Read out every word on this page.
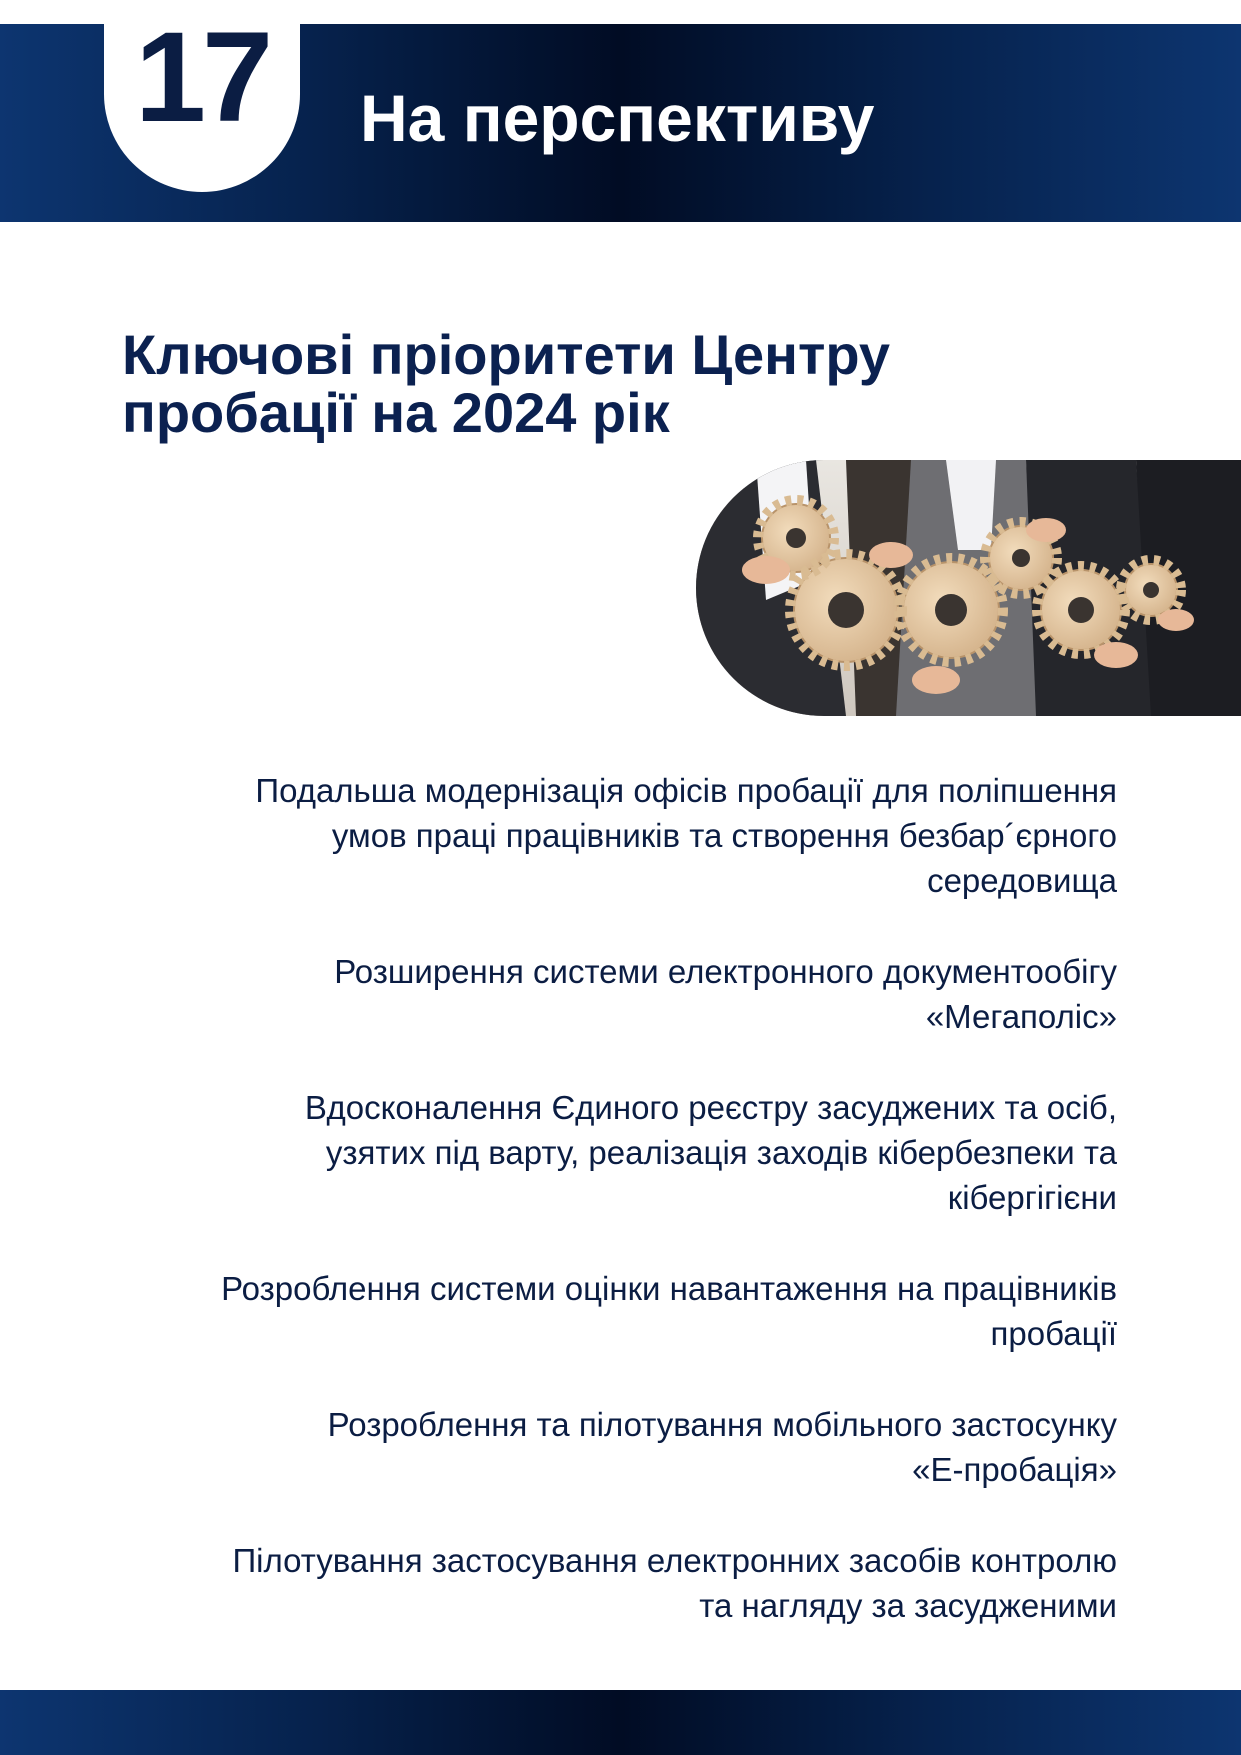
17	На перспективу
Ключові пріоритети Центру
пробації на 2024 рік
Подальша модернізація офісів пробації для поліпшення
умов праці працівників та створення безбар´єрного
середовища
Розширення системи електронного документообігу
«Мегаполіс»
Вдосконалення Єдиного реєстру засуджених та осіб,
узятих під варту, реалізація заходів кібербезпеки та
кібергігієни
Розроблення системи оцінки навантаження на працівників
пробації
Розроблення та пілотування мобільного застосунку
«Е-пробація»
Пілотування застосування електронних засобів контролю
та нагляду за засудженими
